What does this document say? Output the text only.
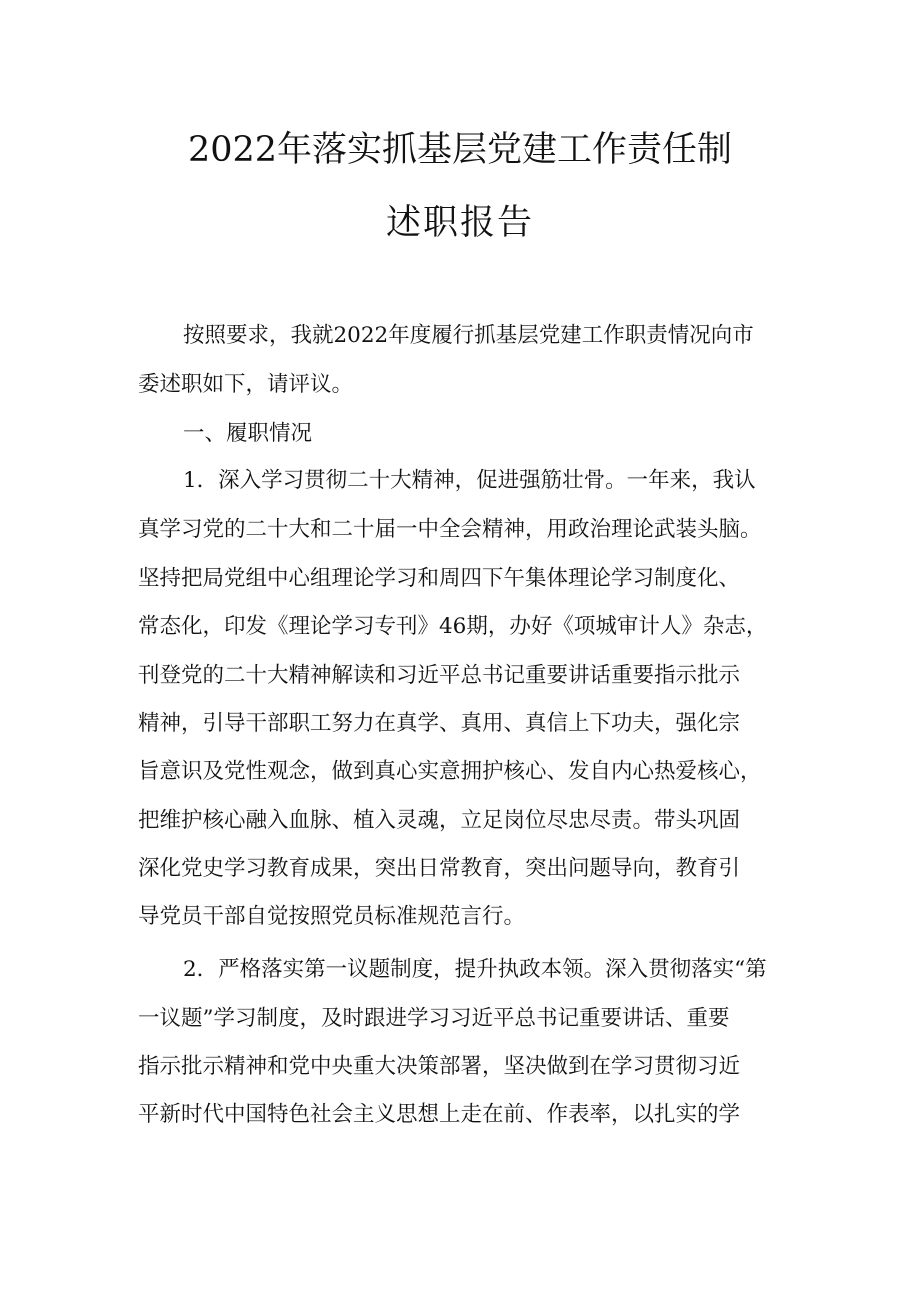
2022年落实抓基层党建工作责任制
述职报告

按照要求，我就2022年度履行抓基层党建工作职责情况向市

委述职如下，请评议。

一、履职情况

1．深入学习贯彻二十大精神，促进强筋壮骨。一年来，我认

真学习党的二十大和二十届一中全会精神，用政治理论武装头脑。

坚持把局党组中心组理论学习和周四下午集体理论学习制度化、

常态化，印发《理论学习专刊》46期，办好《项城审计人》杂志，

刊登党的二十大精神解读和习近平总书记重要讲话重要指示批示

精神，引导干部职工努力在真学、真用、真信上下功夫，强化宗

旨意识及党性观念，做到真心实意拥护核心、发自内心热爱核心，

把维护核心融入血脉、植入灵魂，立足岗位尽忠尽责。带头巩固

深化党史学习教育成果，突出日常教育，突出问题导向，教育引

导党员干部自觉按照党员标准规范言行。

2．严格落实第一议题制度，提升执政本领。深入贯彻落实“第

一议题”学习制度，及时跟进学习习近平总书记重要讲话、重要

指示批示精神和党中央重大决策部署，坚决做到在学习贯彻习近

平新时代中国特色社会主义思想上走在前、作表率，以扎实的学
